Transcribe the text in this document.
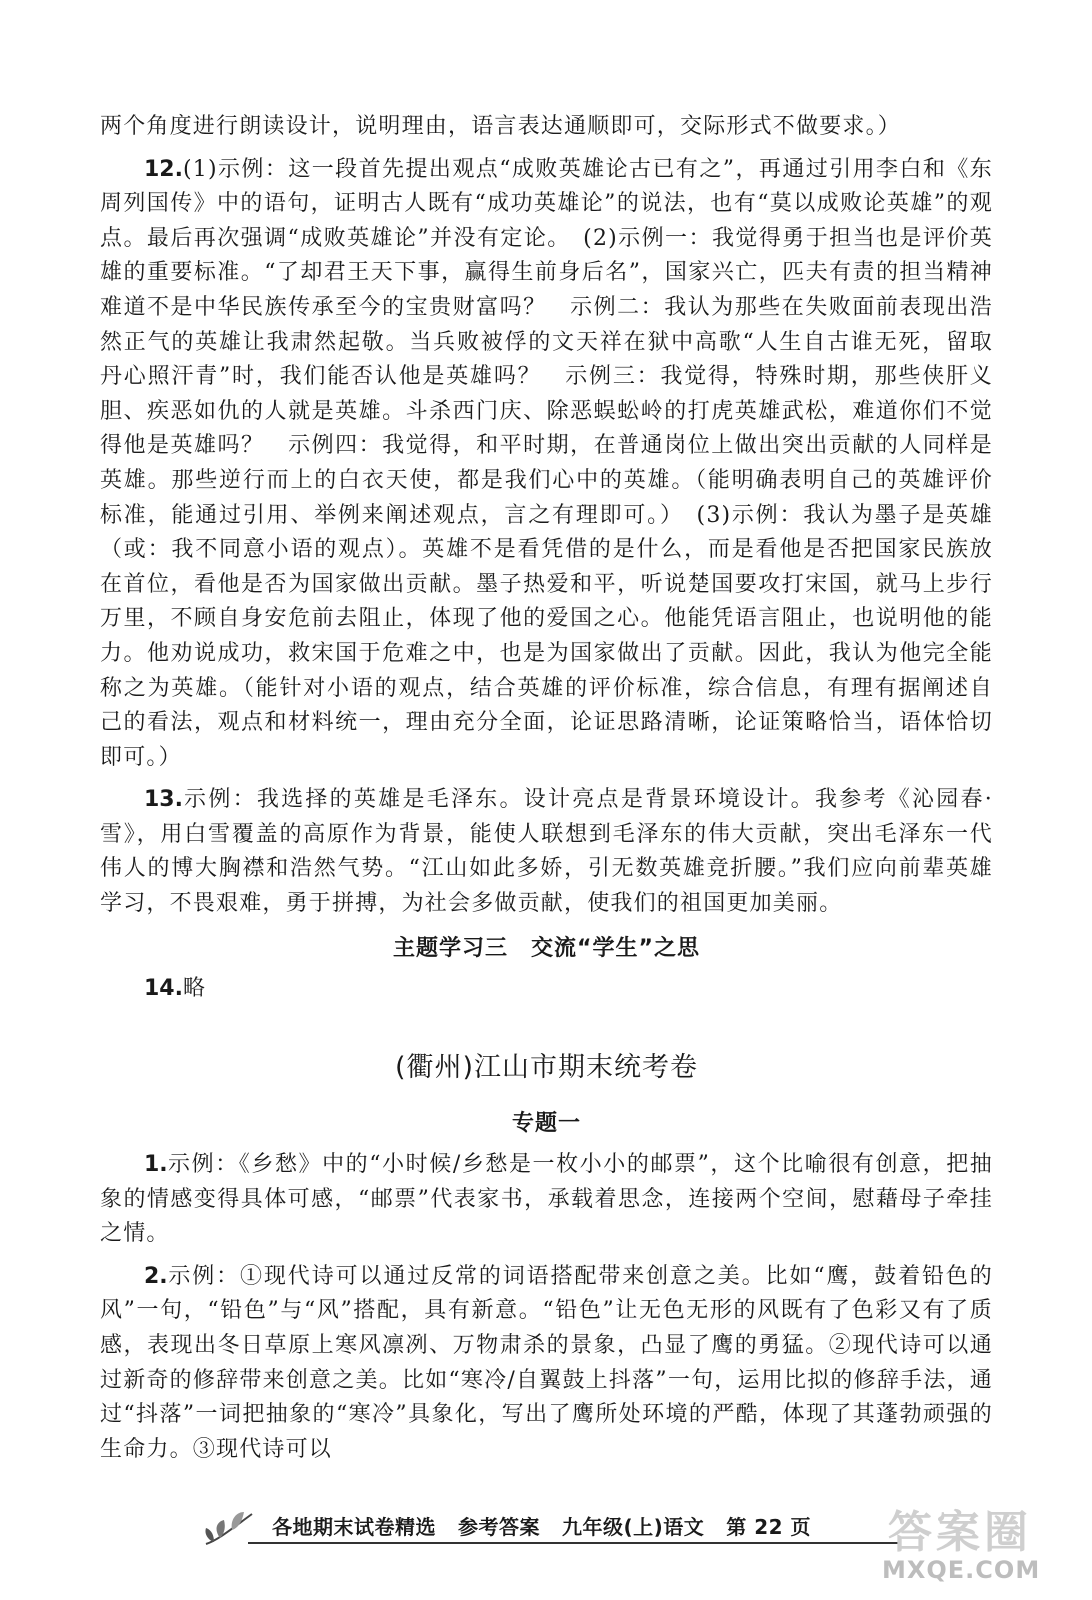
两个角度进行朗读设计，说明理由，语言表达通顺即可，交际形式不做要求。）

12.(1)示例：这一段首先提出观点“成败英雄论古已有之”，再通过引用李白和《东周列国传》中的语句，证明古人既有“成功英雄论”的说法，也有“莫以成败论英雄”的观点。最后再次强调“成败英雄论”并没有定论。　(2)示例一：我觉得勇于担当也是评价英雄的重要标准。“了却君王天下事，赢得生前身后名”，国家兴亡，匹夫有责的担当精神难道不是中华民族传承至今的宝贵财富吗？　示例二：我认为那些在失败面前表现出浩然正气的英雄让我肃然起敬。当兵败被俘的文天祥在狱中高歌“人生自古谁无死，留取丹心照汗青”时，我们能否认他是英雄吗？　示例三：我觉得，特殊时期，那些侠肝义胆、疾恶如仇的人就是英雄。斗杀西门庆、除恶蜈蚣岭的打虎英雄武松，难道你们不觉得他是英雄吗？　示例四：我觉得，和平时期，在普通岗位上做出突出贡献的人同样是英雄。那些逆行而上的白衣天使，都是我们心中的英雄。（能明确表明自己的英雄评价标准，能通过引用、举例来阐述观点，言之有理即可。）　(3)示例：我认为墨子是英雄（或：我不同意小语的观点）。英雄不是看凭借的是什么，而是看他是否把国家民族放在首位，看他是否为国家做出贡献。墨子热爱和平，听说楚国要攻打宋国，就马上步行万里，不顾自身安危前去阻止，体现了他的爱国之心。他能凭语言阻止，也说明他的能力。他劝说成功，救宋国于危难之中，也是为国家做出了贡献。因此，我认为他完全能称之为英雄。（能针对小语的观点，结合英雄的评价标准，综合信息，有理有据阐述自己的看法，观点和材料统一，理由充分全面，论证思路清晰，论证策略恰当，语体恰切即可。）

13.示例：我选择的英雄是毛泽东。设计亮点是背景环境设计。我参考《沁园春·雪》，用白雪覆盖的高原作为背景，能使人联想到毛泽东的伟大贡献，突出毛泽东一代伟人的博大胸襟和浩然气势。“江山如此多娇，引无数英雄竞折腰。”我们应向前辈英雄学习，不畏艰难，勇于拼搏，为社会多做贡献，使我们的祖国更加美丽。

主题学习三　交流“学生”之思

14.略

(衢州)江山市期末统考卷
专题一

1.示例：《乡愁》中的“小时候/乡愁是一枚小小的邮票”，这个比喻很有创意，把抽象的情感变得具体可感，“邮票”代表家书，承载着思念，连接两个空间，慰藉母子牵挂之情。

2.示例：①现代诗可以通过反常的词语搭配带来创意之美。比如“鹰，鼓着铅色的风”一句，“铅色”与“风”搭配，具有新意。“铅色”让无色无形的风既有了色彩又有了质感，表现出冬日草原上寒风凛冽、万物肃杀的景象，凸显了鹰的勇猛。②现代诗可以通过新奇的修辞带来创意之美。比如“寒冷/自翼鼓上抖落”一句，运用比拟的修辞手法，通过“抖落”一词把抽象的“寒冷”具象化，写出了鹰所处环境的严酷，体现了其蓬勃顽强的生命力。③现代诗可以

各地期末试卷精选 参考答案 九年级(上)语文 第 22 页 答案圈
MXQE.COM
